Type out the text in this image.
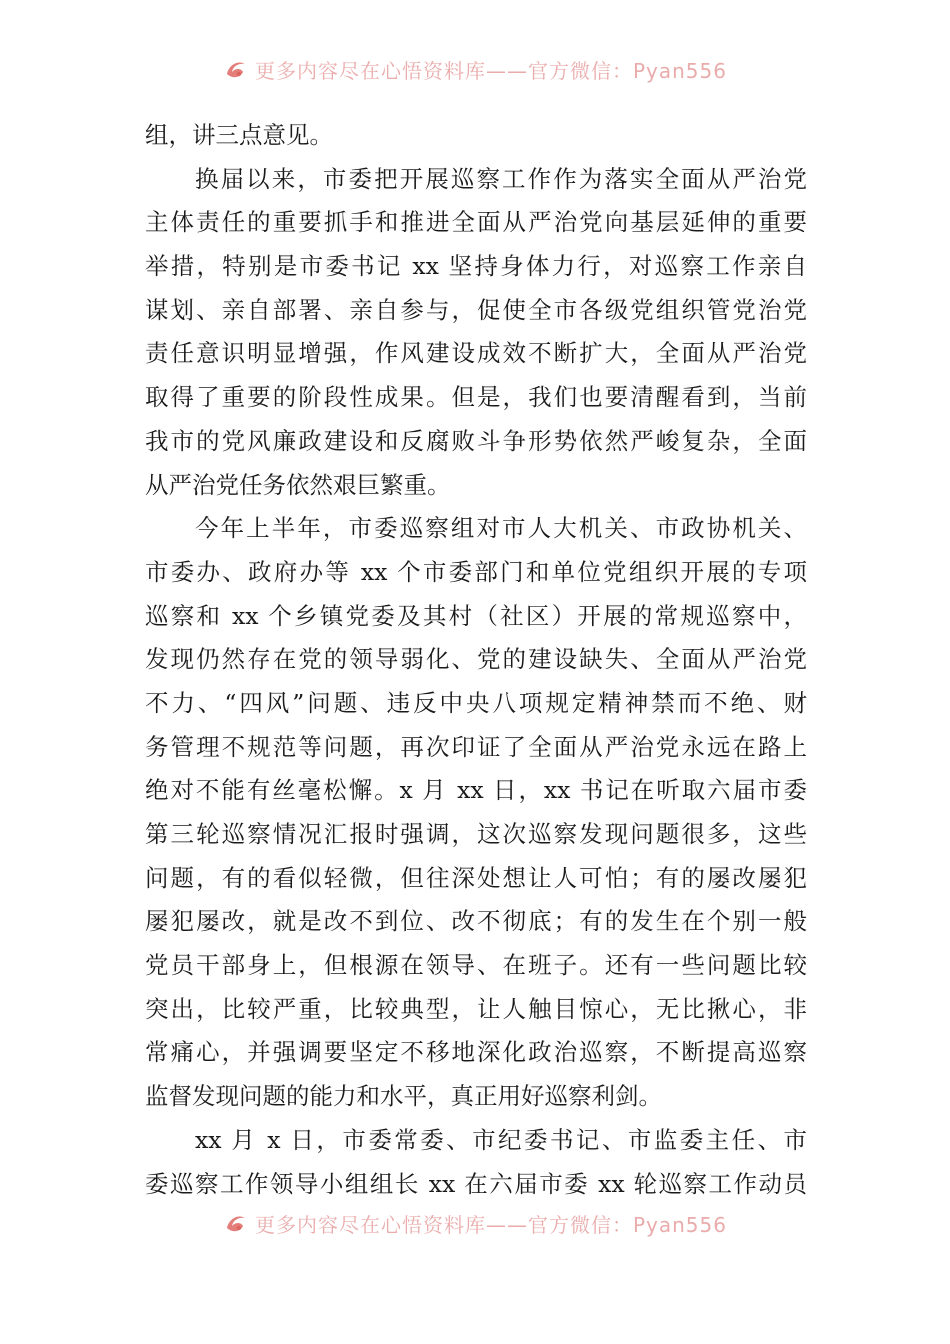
更多内容尽在心悟资料库——官方微信：Pyan556
组，讲三点意见。
换届以来，市委把开展巡察工作作为落实全面从严治党
主体责任的重要抓手和推进全面从严治党向基层延伸的重要
举措，特别是市委书记 xx 坚持身体力行，对巡察工作亲自
谋划、亲自部署、亲自参与，促使全市各级党组织管党治党
责任意识明显增强，作风建设成效不断扩大，全面从严治党
取得了重要的阶段性成果。但是，我们也要清醒看到，当前
我市的党风廉政建设和反腐败斗争形势依然严峻复杂，全面
从严治党任务依然艰巨繁重。
今年上半年，市委巡察组对市人大机关、市政协机关、
市委办、政府办等 xx 个市委部门和单位党组织开展的专项
巡察和 xx 个乡镇党委及其村（社区）开展的常规巡察中，
发现仍然存在党的领导弱化、党的建设缺失、全面从严治党
不力、“四风”问题、违反中央八项规定精神禁而不绝、财
务管理不规范等问题，再次印证了全面从严治党永远在路上
绝对不能有丝毫松懈。x 月 xx 日，xx 书记在听取六届市委
第三轮巡察情况汇报时强调，这次巡察发现问题很多，这些
问题，有的看似轻微，但往深处想让人可怕；有的屡改屡犯
屡犯屡改，就是改不到位、改不彻底；有的发生在个别一般
党员干部身上，但根源在领导、在班子。还有一些问题比较
突出，比较严重，比较典型，让人触目惊心，无比揪心，非
常痛心，并强调要坚定不移地深化政治巡察，不断提高巡察
监督发现问题的能力和水平，真正用好巡察利剑。
xx 月 x 日，市委常委、市纪委书记、市监委主任、市
委巡察工作领导小组组长 xx 在六届市委 xx 轮巡察工作动员
更多内容尽在心悟资料库——官方微信：Pyan556
